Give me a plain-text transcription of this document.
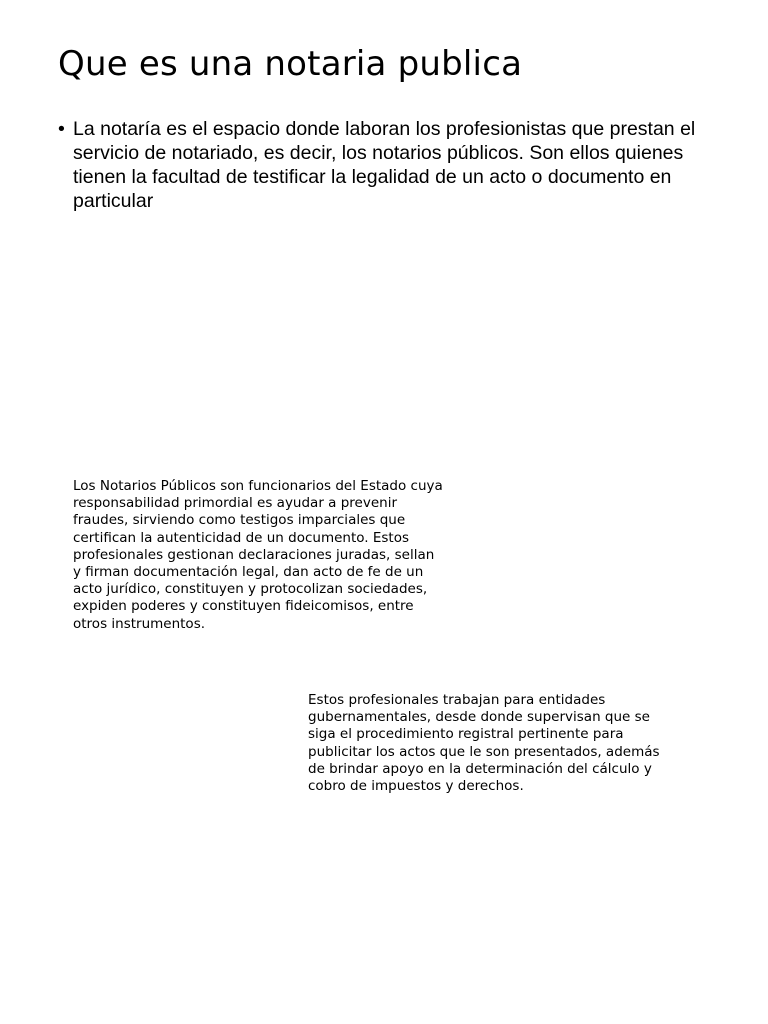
Que es una notaria publica
• La notaría es el espacio donde laboran los profesionistas que prestan el servicio de notariado, es decir, los notarios públicos. Son ellos quienes tienen la facultad de testificar la legalidad de un acto o documento en particular

Los Notarios Públicos son funcionarios del Estado cuya responsabilidad primordial es ayudar a prevenir fraudes, sirviendo como testigos imparciales que certifican la autenticidad de un documento. Estos profesionales gestionan declaraciones juradas, sellan y firman documentación legal, dan acto de fe de un acto jurídico, constituyen y protocolizan sociedades, expiden poderes y constituyen fideicomisos, entre otros instrumentos.

Estos profesionales trabajan para entidades gubernamentales, desde donde supervisan que se siga el procedimiento registral pertinente para publicitar los actos que le son presentados, además de brindar apoyo en la determinación del cálculo y cobro de impuestos y derechos.
